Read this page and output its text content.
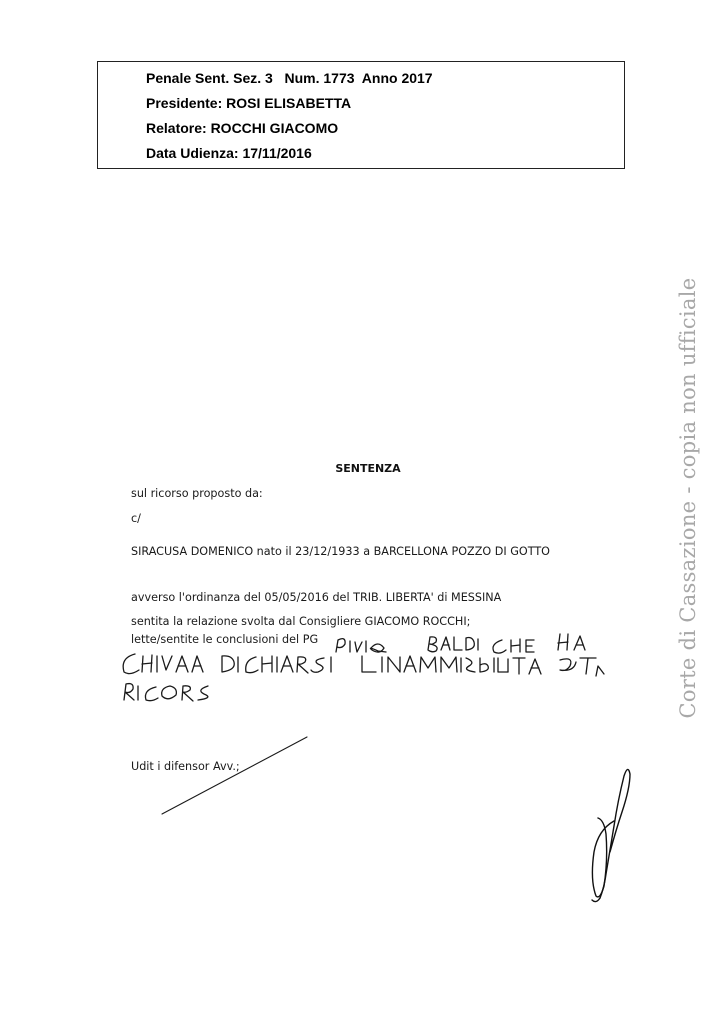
Penale Sent. Sez. 3   Num. 1773  Anno 2017
Presidente: ROSI ELISABETTA
Relatore: ROCCHI GIACOMO
Data Udienza: 17/11/2016
SENTENZA
sul ricorso proposto da:
c/
SIRACUSA DOMENICO nato il 23/12/1933 a BARCELLONA POZZO DI GOTTO
avverso l'ordinanza del 05/05/2016 del TRIB. LIBERTA' di MESSINA
sentita la relazione svolta dal Consigliere GIACOMO ROCCHI;
lette/sentite le conclusioni del PG
Udit i difensor Avv.;
Corte di Cassazione - copia non ufficiale
